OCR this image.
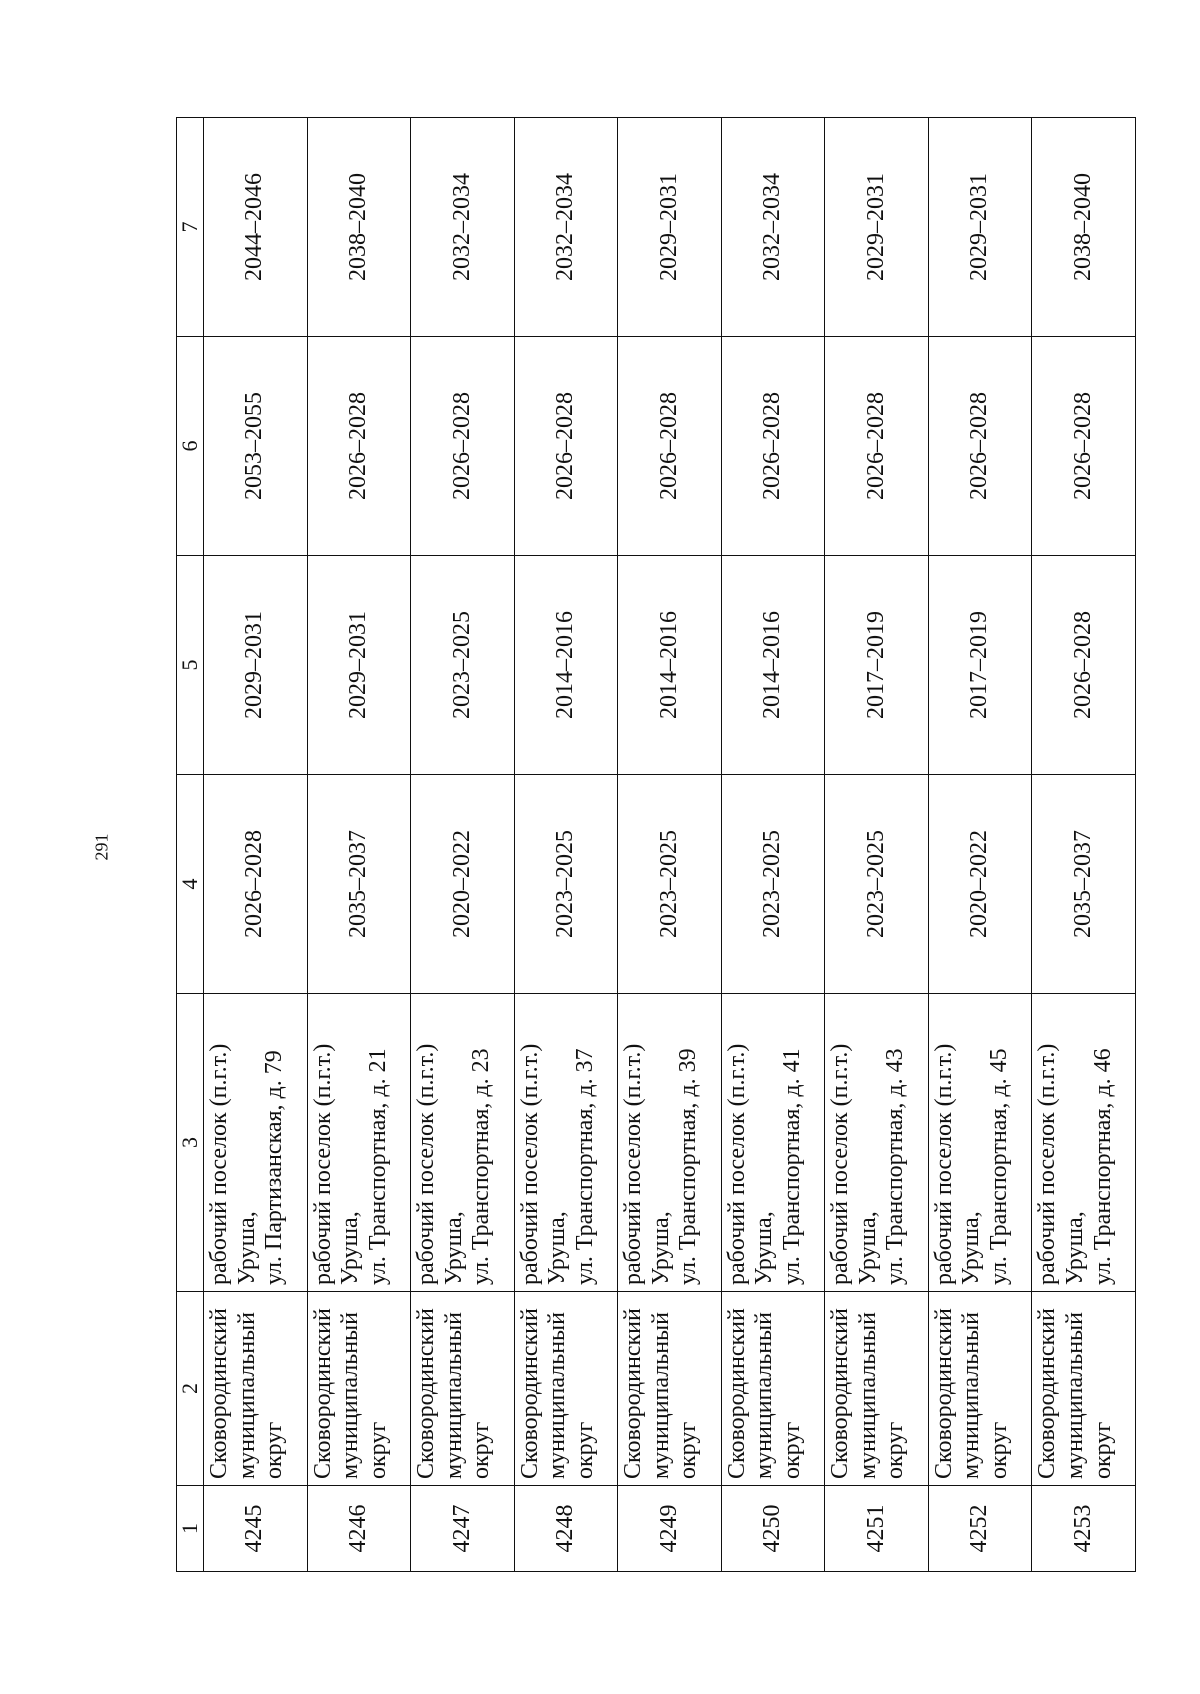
291
1	2	3	4	5	6	7
4245	Сковородинский муниципальный округ	рабочий поселок (п.г.т.) Уруша, ул. Партизанская, д. 79	2026–2028	2029–2031	2053–2055	2044–2046
4246	Сковородинский муниципальный округ	рабочий поселок (п.г.т.) Уруша, ул. Транспортная, д. 21	2035–2037	2029–2031	2026–2028	2038–2040
4247	Сковородинский муниципальный округ	рабочий поселок (п.г.т.) Уруша, ул. Транспортная, д. 23	2020–2022	2023–2025	2026–2028	2032–2034
4248	Сковородинский муниципальный округ	рабочий поселок (п.г.т.) Уруша, ул. Транспортная, д. 37	2023–2025	2014–2016	2026–2028	2032–2034
4249	Сковородинский муниципальный округ	рабочий поселок (п.г.т.) Уруша, ул. Транспортная, д. 39	2023–2025	2014–2016	2026–2028	2029–2031
4250	Сковородинский муниципальный округ	рабочий поселок (п.г.т.) Уруша, ул. Транспортная, д. 41	2023–2025	2014–2016	2026–2028	2032–2034
4251	Сковородинский муниципальный округ	рабочий поселок (п.г.т.) Уруша, ул. Транспортная, д. 43	2023–2025	2017–2019	2026–2028	2029–2031
4252	Сковородинский муниципальный округ	рабочий поселок (п.г.т.) Уруша, ул. Транспортная, д. 45	2020–2022	2017–2019	2026–2028	2029–2031
4253	Сковородинский муниципальный округ	рабочий поселок (п.г.т.) Уруша, ул. Транспортная, д. 46	2035–2037	2026–2028	2026–2028	2038–2040
